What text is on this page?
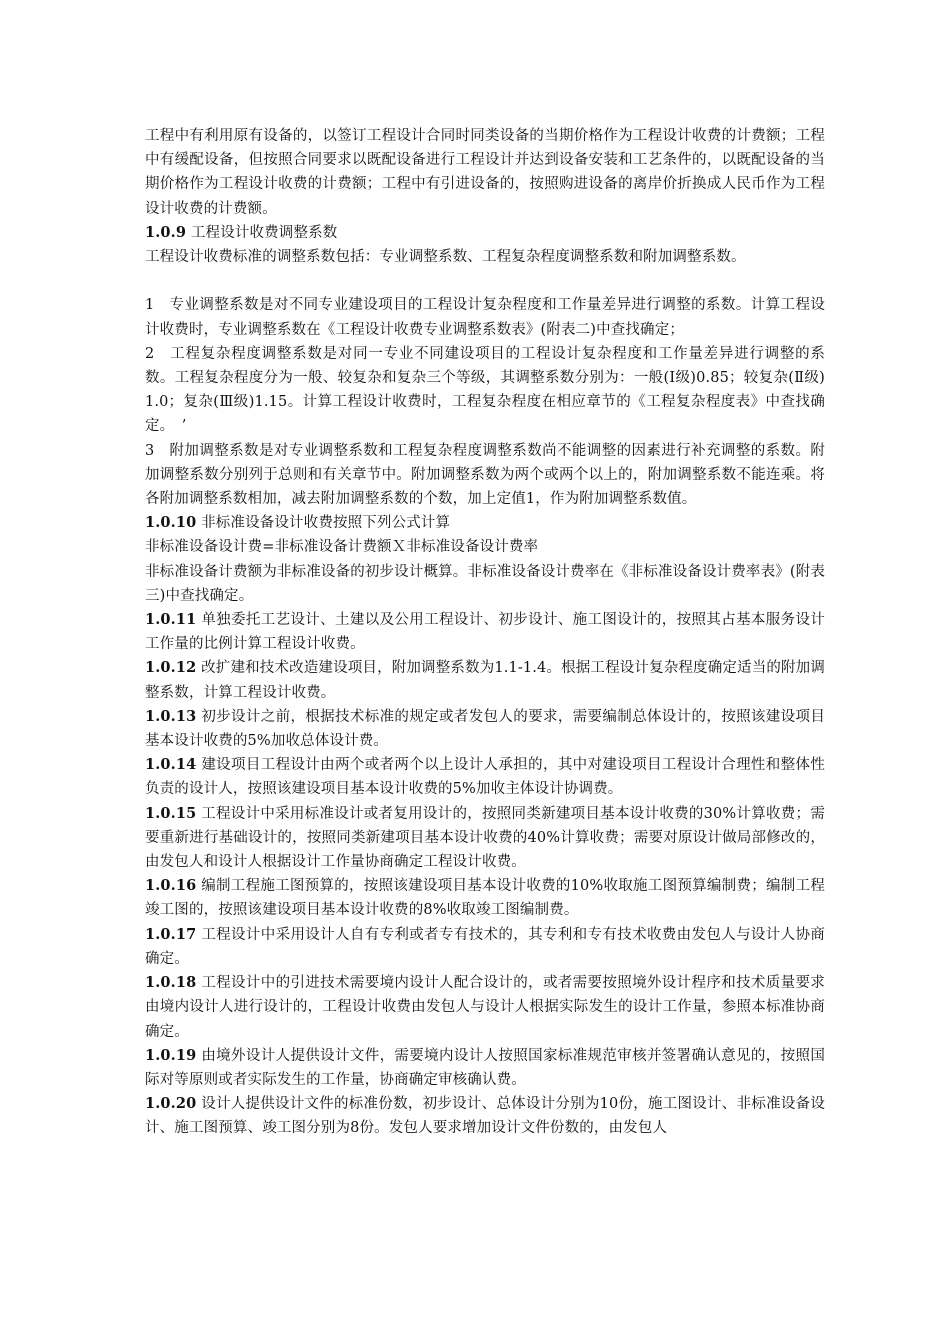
工程中有利用原有设备的，以签订工程设计合同时同类设备的当期价格作为工程设计收费的计费额；工程中有缓配设备，但按照合同要求以既配设备进行工程设计并达到设备安装和工艺条件的，以既配设备的当期价格作为工程设计收费的计费额；工程中有引进设备的，按照购进设备的离岸价折换成人民币作为工程设计收费的计费额。

1.0.9 工程设计收费调整系数

工程设计收费标准的调整系数包括：专业调整系数、工程复杂程度调整系数和附加调整系数。

1　专业调整系数是对不同专业建设项目的工程设计复杂程度和工作量差异进行调整的系数。计算工程设计收费时，专业调整系数在《工程设计收费专业调整系数表》(附表二)中查找确定；

2　工程复杂程度调整系数是对同一专业不同建设项目的工程设计复杂程度和工作量差异进行调整的系数。工程复杂程度分为一般、较复杂和复杂三个等级，其调整系数分别为：一般(Ⅰ级)0.85；较复杂(Ⅱ级)1.0；复杂(Ⅲ级)1.15。计算工程设计收费时，工程复杂程度在相应章节的《工程复杂程度表》中查找确定。　’

3　附加调整系数是对专业调整系数和工程复杂程度调整系数尚不能调整的因素进行补充调整的系数。附加调整系数分别列于总则和有关章节中。附加调整系数为两个或两个以上的，附加调整系数不能连乘。将各附加调整系数相加，减去附加调整系数的个数，加上定值1，作为附加调整系数值。

1.0.10 非标准设备设计收费按照下列公式计算

非标准设备设计费=非标准设备计费额Ｘ非标准设备设计费率

非标准设备计费额为非标准设备的初步设计概算。非标准设备设计费率在《非标准设备设计费率表》(附表三)中查找确定。

1.0.11 单独委托工艺设计、土建以及公用工程设计、初步设计、施工图设计的，按照其占基本服务设计工作量的比例计算工程设计收费。

1.0.12 改扩建和技术改造建设项目，附加调整系数为1.1-1.4。根据工程设计复杂程度确定适当的附加调整系数，计算工程设计收费。

1.0.13 初步设计之前，根据技术标准的规定或者发包人的要求，需要编制总体设计的，按照该建设项目基本设计收费的5%加收总体设计费。

1.0.14 建设项目工程设计由两个或者两个以上设计人承担的，其中对建设项目工程设计合理性和整体性负责的设计人，按照该建设项目基本设计收费的5%加收主体设计协调费。

1.0.15 工程设计中采用标准设计或者复用设计的，按照同类新建项目基本设计收费的30%计算收费；需要重新进行基础设计的，按照同类新建项目基本设计收费的40%计算收费；需要对原设计做局部修改的，由发包人和设计人根据设计工作量协商确定工程设计收费。

1.0.16 编制工程施工图预算的，按照该建设项目基本设计收费的10%收取施工图预算编制费；编制工程竣工图的，按照该建设项目基本设计收费的8%收取竣工图编制费。

1.0.17 工程设计中采用设计人自有专利或者专有技术的，其专利和专有技术收费由发包人与设计人协商确定。

1.0.18 工程设计中的引进技术需要境内设计人配合设计的，或者需要按照境外设计程序和技术质量要求由境内设计人进行设计的，工程设计收费由发包人与设计人根据实际发生的设计工作量，参照本标准协商确定。

1.0.19 由境外设计人提供设计文件，需要境内设计人按照国家标准规范审核并签署确认意见的，按照国际对等原则或者实际发生的工作量，协商确定审核确认费。

1.0.20 设计人提供设计文件的标准份数，初步设计、总体设计分别为10份，施工图设计、非标准设备设计、施工图预算、竣工图分别为8份。发包人要求增加设计文件份数的，由发包人
